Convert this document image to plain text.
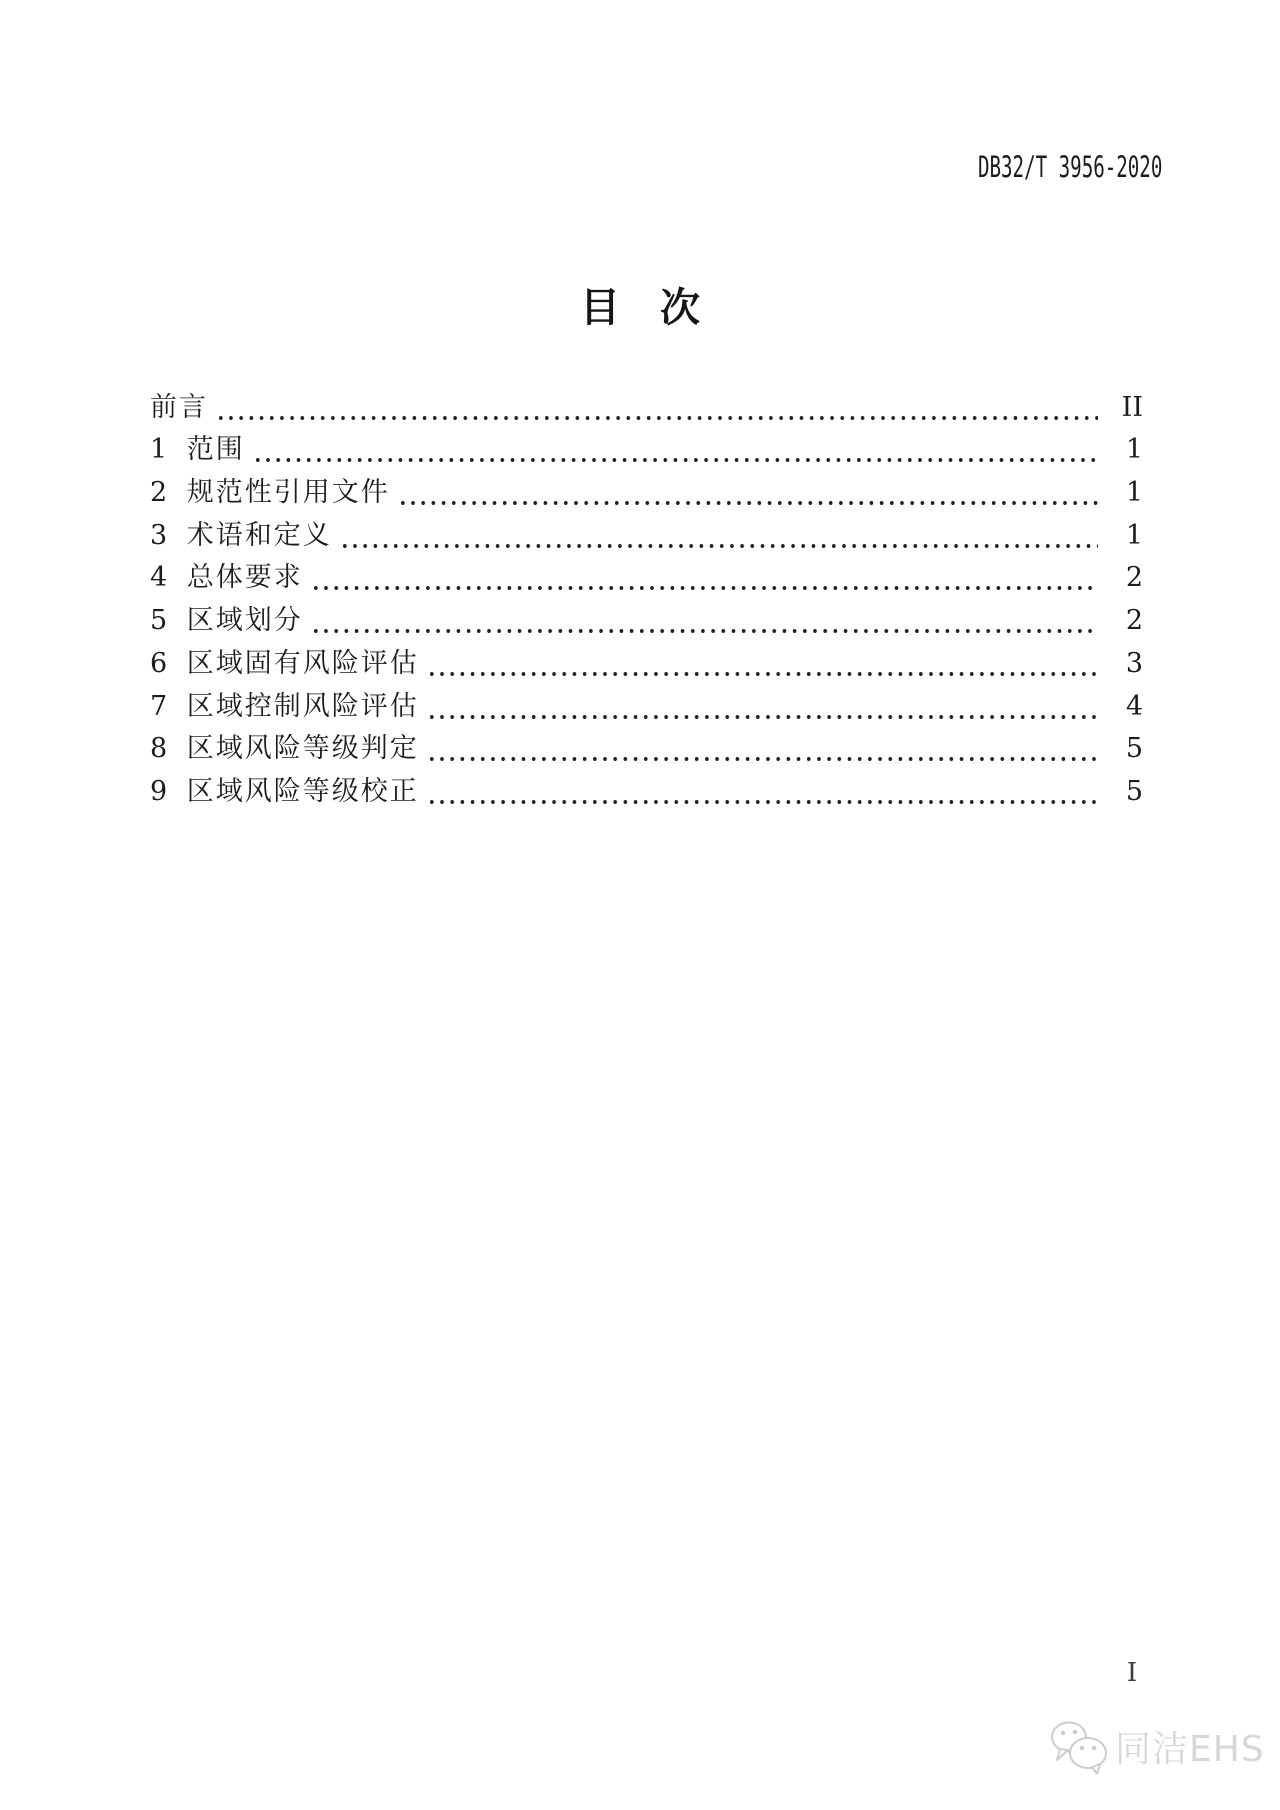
DB32/T 3956-2020
目　次
前言	II
1 范围	1
2 规范性引用文件	1
3 术语和定义	1
4 总体要求	2
5 区域划分	2
6 区域固有风险评估	3
7 区域控制风险评估	4
8 区域风险等级判定	5
9 区域风险等级校正	5
I
同洁EHS
